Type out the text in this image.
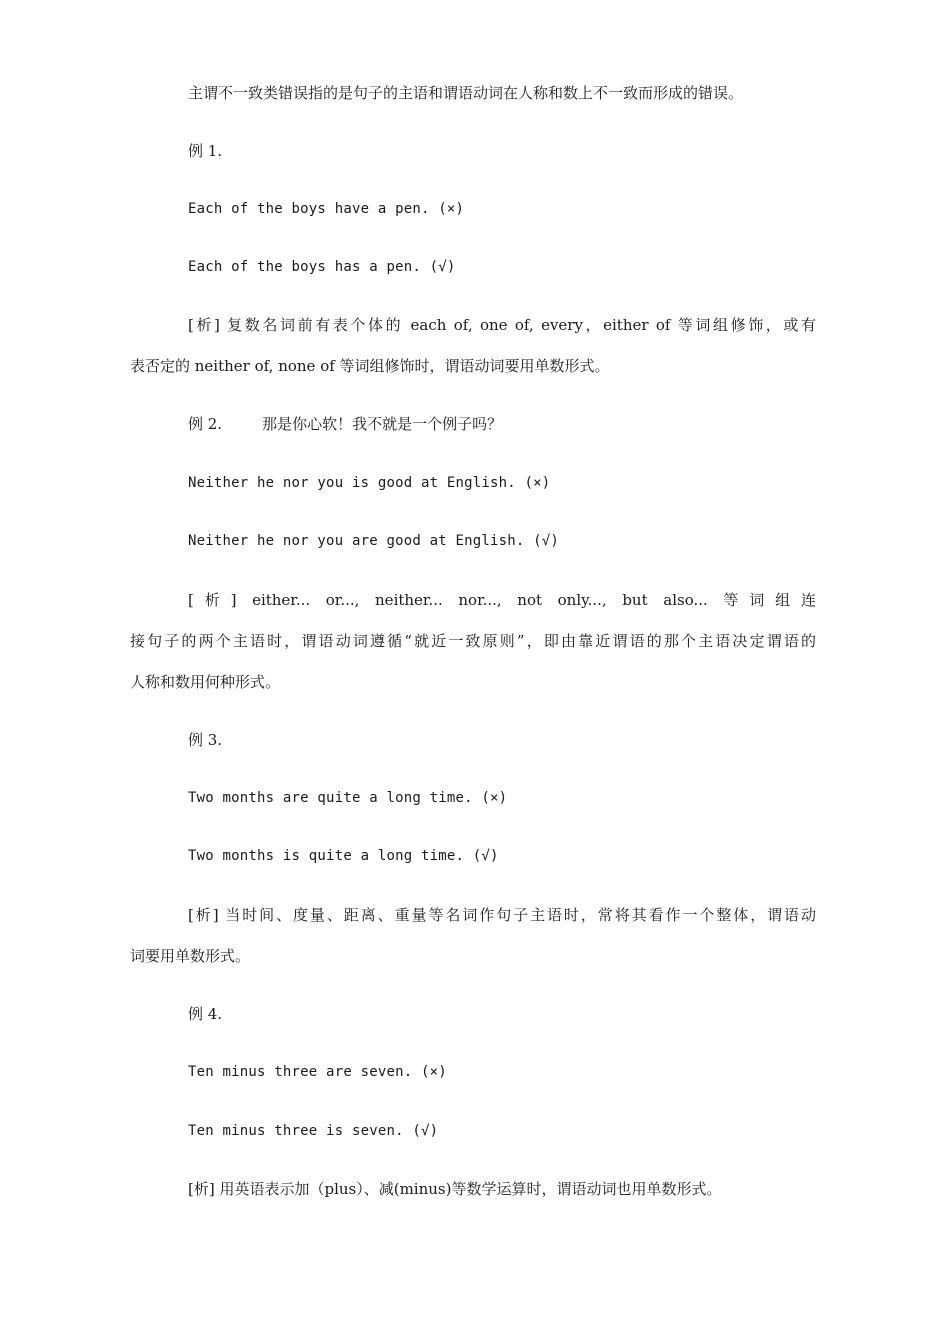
主谓不一致类错误指的是句子的主语和谓语动词在人称和数上不一致而形成的错误。
例 1.
Each of the boys have a pen. (×)
Each of the boys has a pen. (√)
[析] 复数名词前有表个体的 each of, one of, every，either of 等词组修饰，或有
表否定的 neither of, none of 等词组修饰时，谓语动词要用单数形式。
例 2.	那是你心软！我不就是一个例子吗？
Neither he nor you is good at English. (×)
Neither he nor you are good at English. (√)
[析] either... or..., neither... nor..., not only..., but also... 等词组连
接句子的两个主语时，谓语动词遵循“就近一致原则”，即由靠近谓语的那个主语决定谓语的
人称和数用何种形式。
例 3.
Two months are quite a long time. (×)
Two months is quite a long time. (√)
[析] 当时间、度量、距离、重量等名词作句子主语时，常将其看作一个整体，谓语动
词要用单数形式。
例 4.
Ten minus three are seven. (×)
Ten minus three is seven. (√)
[析] 用英语表示加（plus）、减(minus)等数学运算时，谓语动词也用单数形式。
